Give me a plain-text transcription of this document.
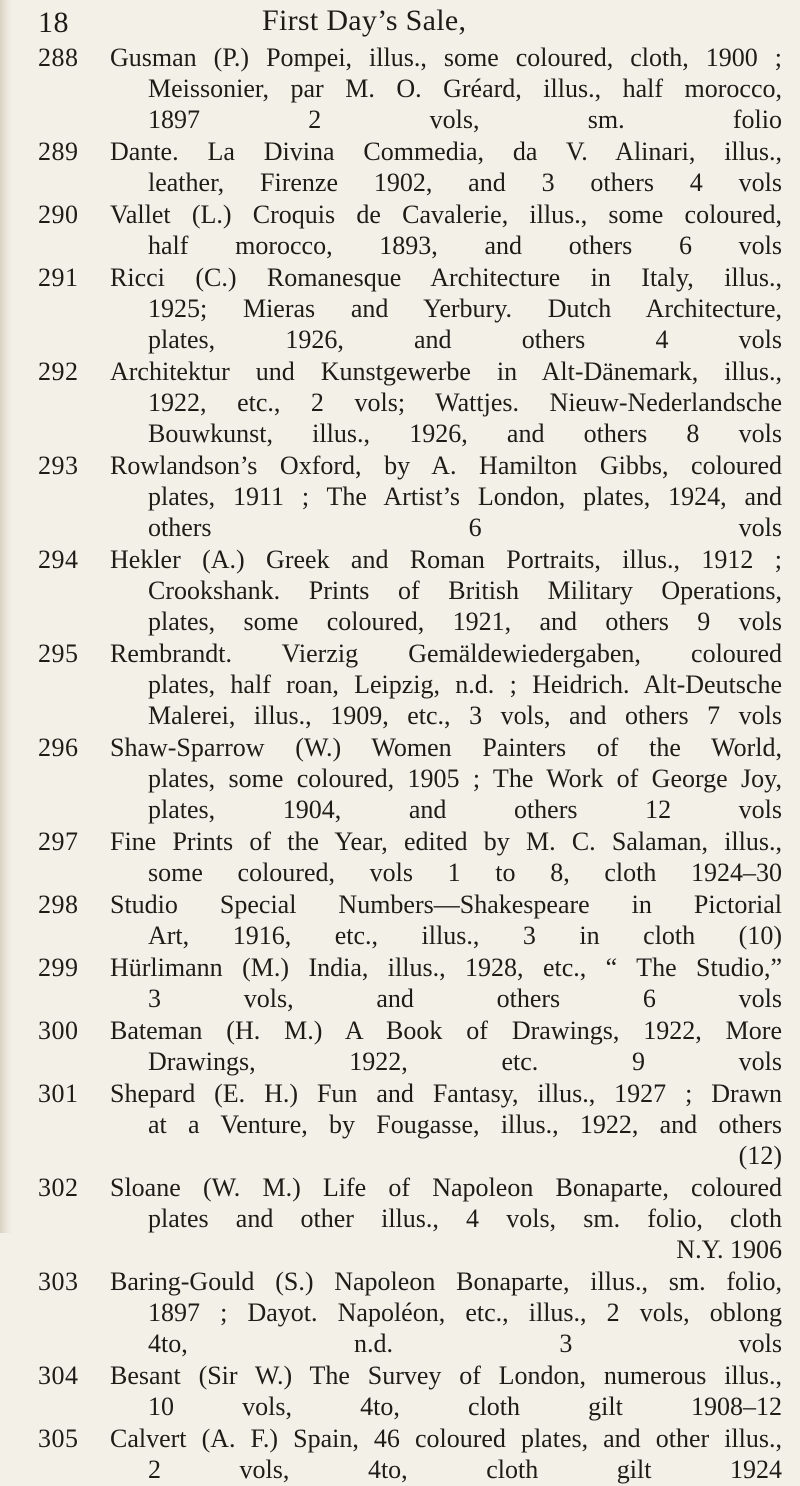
18	First Day’s Sale,
288 Gusman (P.) Pompei, illus., some coloured, cloth, 1900 ;
Meissonier, par M. O. Gréard, illus., half morocco,
1897 2 vols, sm. folio
289 Dante. La Divina Commedia, da V. Alinari, illus.,
leather, Firenze 1902, and 3 others 4 vols
290 Vallet (L.) Croquis de Cavalerie, illus., some coloured,
half morocco, 1893, and others 6 vols
291 Ricci (C.) Romanesque Architecture in Italy, illus.,
1925; Mieras and Yerbury. Dutch Architecture,
plates, 1926, and others 4 vols
292 Architektur und Kunstgewerbe in Alt-Dänemark, illus.,
1922, etc., 2 vols; Wattjes. Nieuw-Nederlandsche
Bouwkunst, illus., 1926, and others 8 vols
293 Rowlandson’s Oxford, by A. Hamilton Gibbs, coloured
plates, 1911 ; The Artist’s London, plates, 1924, and
others 6 vols
294 Hekler (A.) Greek and Roman Portraits, illus., 1912 ;
Crookshank. Prints of British Military Operations,
plates, some coloured, 1921, and others 9 vols
295 Rembrandt. Vierzig Gemäldewiedergaben, coloured
plates, half roan, Leipzig, n.d. ; Heidrich. Alt-Deutsche
Malerei, illus., 1909, etc., 3 vols, and others 7 vols
296 Shaw-Sparrow (W.) Women Painters of the World,
plates, some coloured, 1905 ; The Work of George Joy,
plates, 1904, and others 12 vols
297 Fine Prints of the Year, edited by M. C. Salaman, illus.,
some coloured, vols 1 to 8, cloth 1924–30
298 Studio Special Numbers—Shakespeare in Pictorial
Art, 1916, etc., illus., 3 in cloth (10)
299 Hürlimann (M.) India, illus., 1928, etc., “ The Studio,”
3 vols, and others 6 vols
300 Bateman (H. M.) A Book of Drawings, 1922, More
Drawings, 1922, etc. 9 vols
301 Shepard (E. H.) Fun and Fantasy, illus., 1927 ; Drawn
at a Venture, by Fougasse, illus., 1922, and others
(12)
302 Sloane (W. M.) Life of Napoleon Bonaparte, coloured
plates and other illus., 4 vols, sm. folio, cloth
N.Y. 1906
303 Baring-Gould (S.) Napoleon Bonaparte, illus., sm. folio,
1897 ; Dayot. Napoléon, etc., illus., 2 vols, oblong
4to, n.d. 3 vols
304 Besant (Sir W.) The Survey of London, numerous illus.,
10 vols, 4to, cloth gilt 1908–12
305 Calvert (A. F.) Spain, 46 coloured plates, and other illus.,
2 vols, 4to, cloth gilt 1924
